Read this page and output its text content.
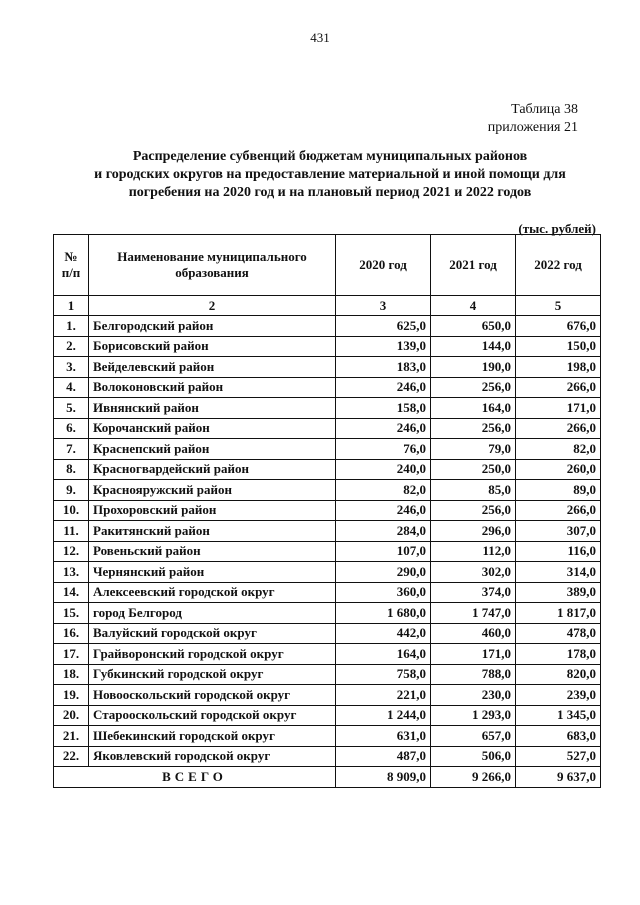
431
Таблица 38
приложения 21
Распределение субвенций бюджетам муниципальных районов
и городских округов на предоставление материальной и иной помощи для
погребения на 2020 год и на плановый период 2021 и 2022 годов
(тыс. рублей)
№
п/п	Наименование муниципального образования	2020 год	2021 год	2022 год
1	2	3	4	5
1.	Белгородский район	625,0	650,0	676,0
2.	Борисовский район	139,0	144,0	150,0
3.	Вейделевский район	183,0	190,0	198,0
4.	Волоконовский район	246,0	256,0	266,0
5.	Ивнянский район	158,0	164,0	171,0
6.	Корочанский район	246,0	256,0	266,0
7.	Краснепский район	76,0	79,0	82,0
8.	Красногвардейский район	240,0	250,0	260,0
9.	Краснояружский район	82,0	85,0	89,0
10.	Прохоровский район	246,0	256,0	266,0
11.	Ракитянский район	284,0	296,0	307,0
12.	Ровеньский район	107,0	112,0	116,0
13.	Чернянский район	290,0	302,0	314,0
14.	Алексеевский городской округ	360,0	374,0	389,0
15.	город Белгород	1 680,0	1 747,0	1 817,0
16.	Валуйский городской округ	442,0	460,0	478,0
17.	Грайворонский городской округ	164,0	171,0	178,0
18.	Губкинский городской округ	758,0	788,0	820,0
19.	Новооскольский городской округ	221,0	230,0	239,0
20.	Старооскольский городской округ	1 244,0	1 293,0	1 345,0
21.	Шебекинский городской округ	631,0	657,0	683,0
22.	Яковлевский городской округ	487,0	506,0	527,0
ВСЕГО		8 909,0	9 266,0	9 637,0
